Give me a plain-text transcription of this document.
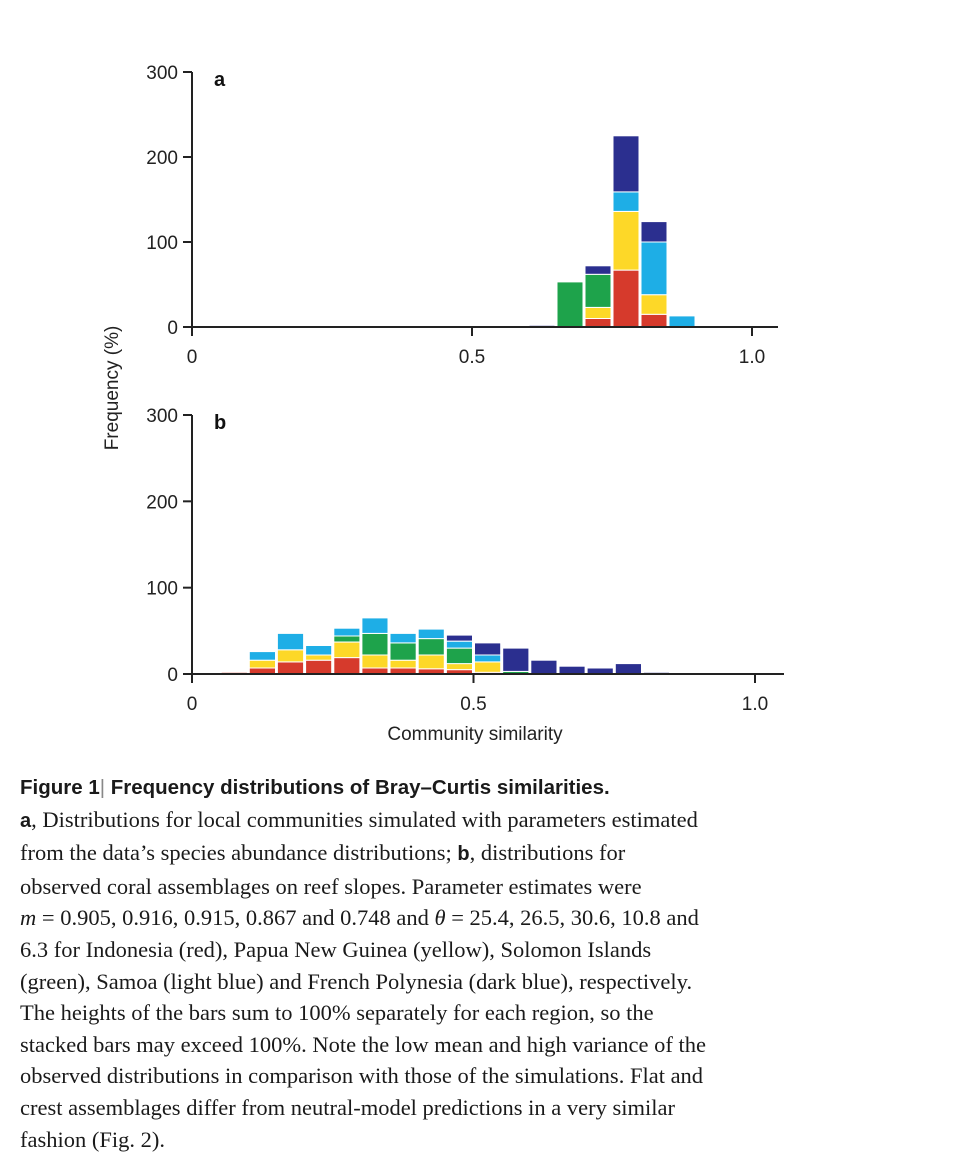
0
100
200
300
0	0.5	1.0
a
0
100
200
300
0	0.5	1.0
b
Community similarity
Frequency (%)
Figure 1| Frequency distributions of Bray–Curtis similarities.
a, Distributions for local communities simulated with parameters estimated
from the data’s species abundance distributions; b, distributions for
observed coral assemblages on reef slopes. Parameter estimates were
m = 0.905, 0.916, 0.915, 0.867 and 0.748 and θ = 25.4, 26.5, 30.6, 10.8 and
6.3 for Indonesia (red), Papua New Guinea (yellow), Solomon Islands
(green), Samoa (light blue) and French Polynesia (dark blue), respectively.
The heights of the bars sum to 100% separately for each region, so the
stacked bars may exceed 100%. Note the low mean and high variance of the
observed distributions in comparison with those of the simulations. Flat and
crest assemblages differ from neutral-model predictions in a very similar
fashion (Fig. 2).
